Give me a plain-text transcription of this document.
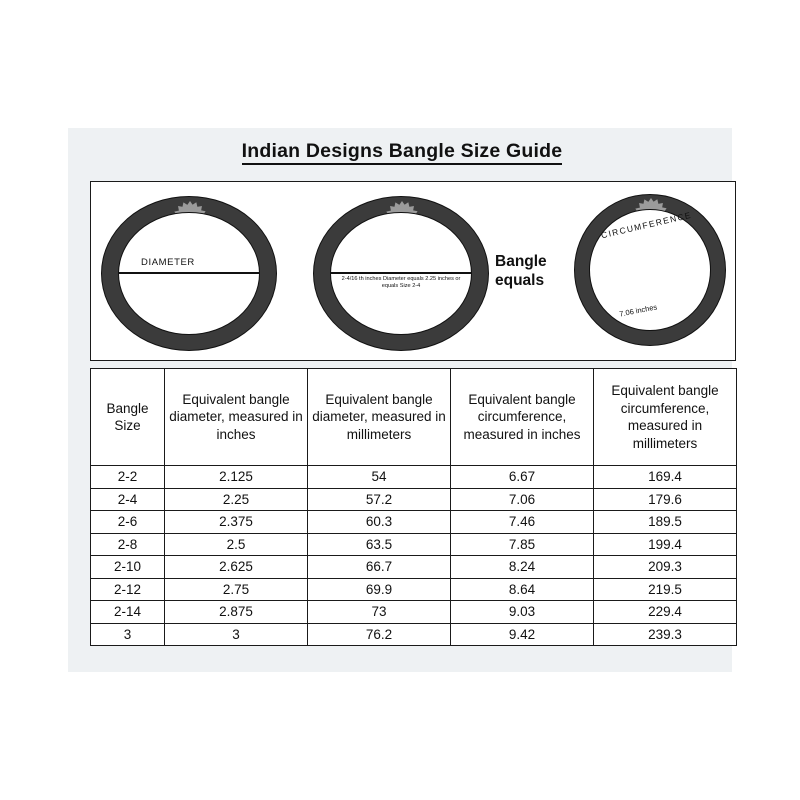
Indian Designs Bangle Size Guide
DIAMETER
2-4/16 th inches Diameter equals 2.25 inches or equals Size 2-4
Bangle
equals
CIRCUMFERENCE
7.06 inches
Bangle Size	Equivalent bangle diameter, measured in inches	Equivalent bangle diameter, measured in millimeters	Equivalent bangle circumference, measured in inches	Equivalent bangle circumference, measured in millimeters
2-2	2.125	54	6.67	169.4
2-4	2.25	57.2	7.06	179.6
2-6	2.375	60.3	7.46	189.5
2-8	2.5	63.5	7.85	199.4
2-10	2.625	66.7	8.24	209.3
2-12	2.75	69.9	8.64	219.5
2-14	2.875	73	9.03	229.4
3	3	76.2	9.42	239.3
